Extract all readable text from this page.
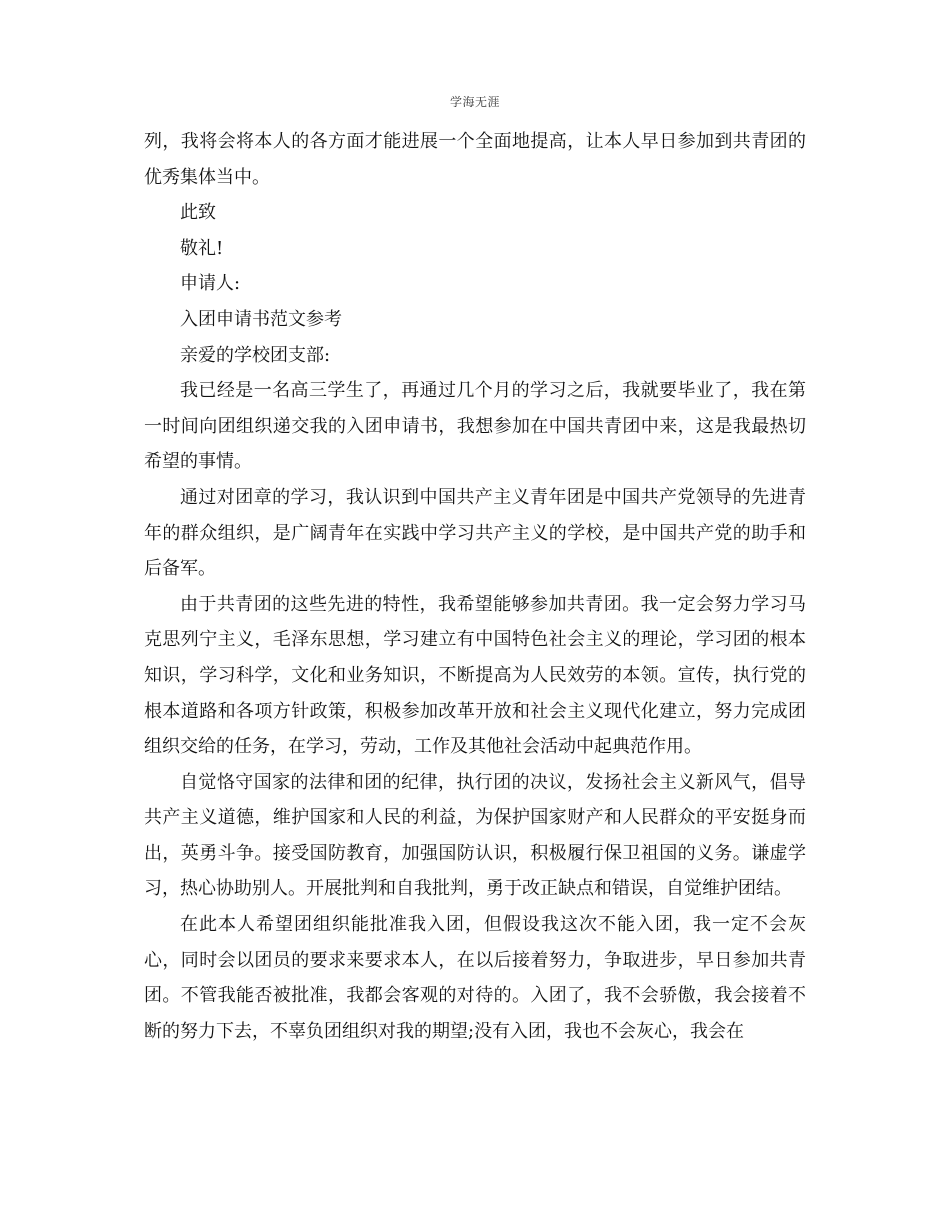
学海无涯

列，我将会将本人的各方面才能进展一个全面地提高，让本人早日参加到共青团的优秀集体当中。

此致

敬礼!

申请人:

入团申请书范文参考

亲爱的学校团支部:

我已经是一名高三学生了，再通过几个月的学习之后，我就要毕业了，我在第一时间向团组织递交我的入团申请书，我想参加在中国共青团中来，这是我最热切希望的事情。

通过对团章的学习，我认识到中国共产主义青年团是中国共产党领导的先进青年的群众组织，是广阔青年在实践中学习共产主义的学校，是中国共产党的助手和后备军。

由于共青团的这些先进的特性，我希望能够参加共青团。我一定会努力学习马克思列宁主义，毛泽东思想，学习建立有中国特色社会主义的理论，学习团的根本知识，学习科学，文化和业务知识，不断提高为人民效劳的本领。宣传，执行党的根本道路和各项方针政策，积极参加改革开放和社会主义现代化建立，努力完成团组织交给的任务，在学习，劳动，工作及其他社会活动中起典范作用。

自觉恪守国家的法律和团的纪律，执行团的决议，发扬社会主义新风气，倡导共产主义道德，维护国家和人民的利益，为保护国家财产和人民群众的平安挺身而出，英勇斗争。接受国防教育，加强国防认识，积极履行保卫祖国的义务。谦虚学习，热心协助别人。开展批判和自我批判，勇于改正缺点和错误，自觉维护团结。

在此本人希望团组织能批准我入团，但假设我这次不能入团，我一定不会灰心，同时会以团员的要求来要求本人，在以后接着努力，争取进步，早日参加共青团。不管我能否被批准，我都会客观的对待的。入团了，我不会骄傲，我会接着不断的努力下去，不辜负团组织对我的期望;没有入团，我也不会灰心，我会在
